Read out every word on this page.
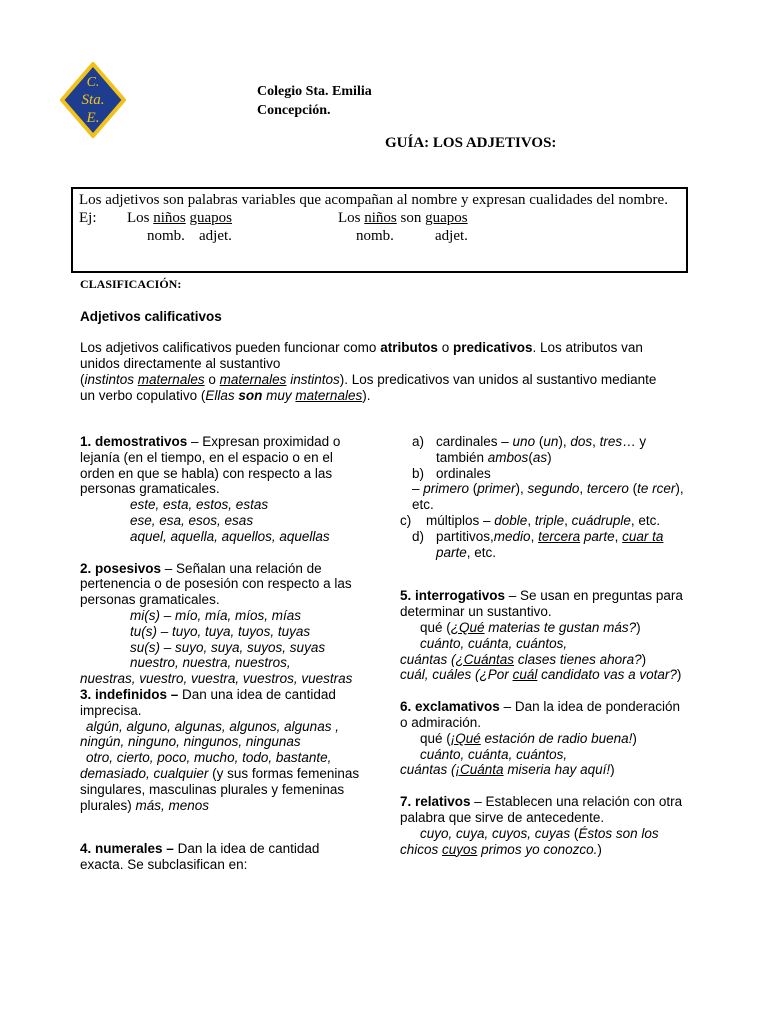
C.
Sta.
E.
Colegio Sta. Emilia
Concepción.
GUÍA: LOS ADJETIVOS:
Los adjetivos son palabras variables que acompañan al nombre y expresan cualidades del nombre.
Ej: Los niños guapos	Los niños son guapos
nomb. adjet.	nomb.	adjet.
CLASIFICACIÓN:
Adjetivos calificativos
Los adjetivos calificativos pueden funcionar como atributos o predicativos. Los atributos van unidos directamente al sustantivo
(instintos maternales o maternales instintos). Los predicativos van unidos al sustantivo mediante un verbo copulativo (Ellas son muy maternales).

1. demostrativos – Expresan proximidad o lejanía (en el tiempo, en el espacio o en el orden en que se habla) con respecto a las personas gramaticales.

este, esta, estos, estas

ese, esa, esos, esas

aquel, aquella, aquellos, aquellas

2. posesivos – Señalan una relación de pertenencia o de posesión con respecto a las personas gramaticales.

mi(s) – mío, mía, míos, mías

tu(s) – tuyo, tuya, tuyos, tuyas

su(s) – suyo, suya, suyos, suyas

nuestro, nuestra, nuestros,

nuestras, vuestro, vuestra, vuestros, vuestras

3. indefinidos – Dan una idea de cantidad imprecisa.

algún, alguno, algunas, algunos, algunas , ningún, ninguno, ningunos, ningunas

otro, cierto, poco, mucho, todo, bastante, demasiado, cualquier (y sus formas femeninas singulares, masculinas plurales y femeninas plurales) más, menos

4. numerales – Dan la idea de cantidad exacta. Se subclasifican en:

a) cardinales – uno (un), dos, tres… y también ambos(as)
b) ordinales
– primero (primer), segundo, tercero (te rcer), etc.
c) múltiplos – doble, triple, cuádruple, etc.
d) partitivos,medio, tercera parte, cuar ta parte, etc.

5. interrogativos – Se usan en preguntas para determinar un sustantivo.

qué (¿Qué materias te gustan más?)

cuánto, cuánta, cuántos,

cuántas (¿Cuántas clases tienes ahora?)

cuál, cuáles (¿Por cuál candidato vas a votar?)

6. exclamativos – Dan la idea de ponderación o admiración.

qué (¡Qué estación de radio buena!)

cuánto, cuánta, cuántos,

cuántas (¡Cuánta miseria hay aquí!)

7. relativos – Establecen una relación con otra palabra que sirve de antecedente.

cuyo, cuya, cuyos, cuyas (Éstos son los chicos cuyos primos yo conozco.)
